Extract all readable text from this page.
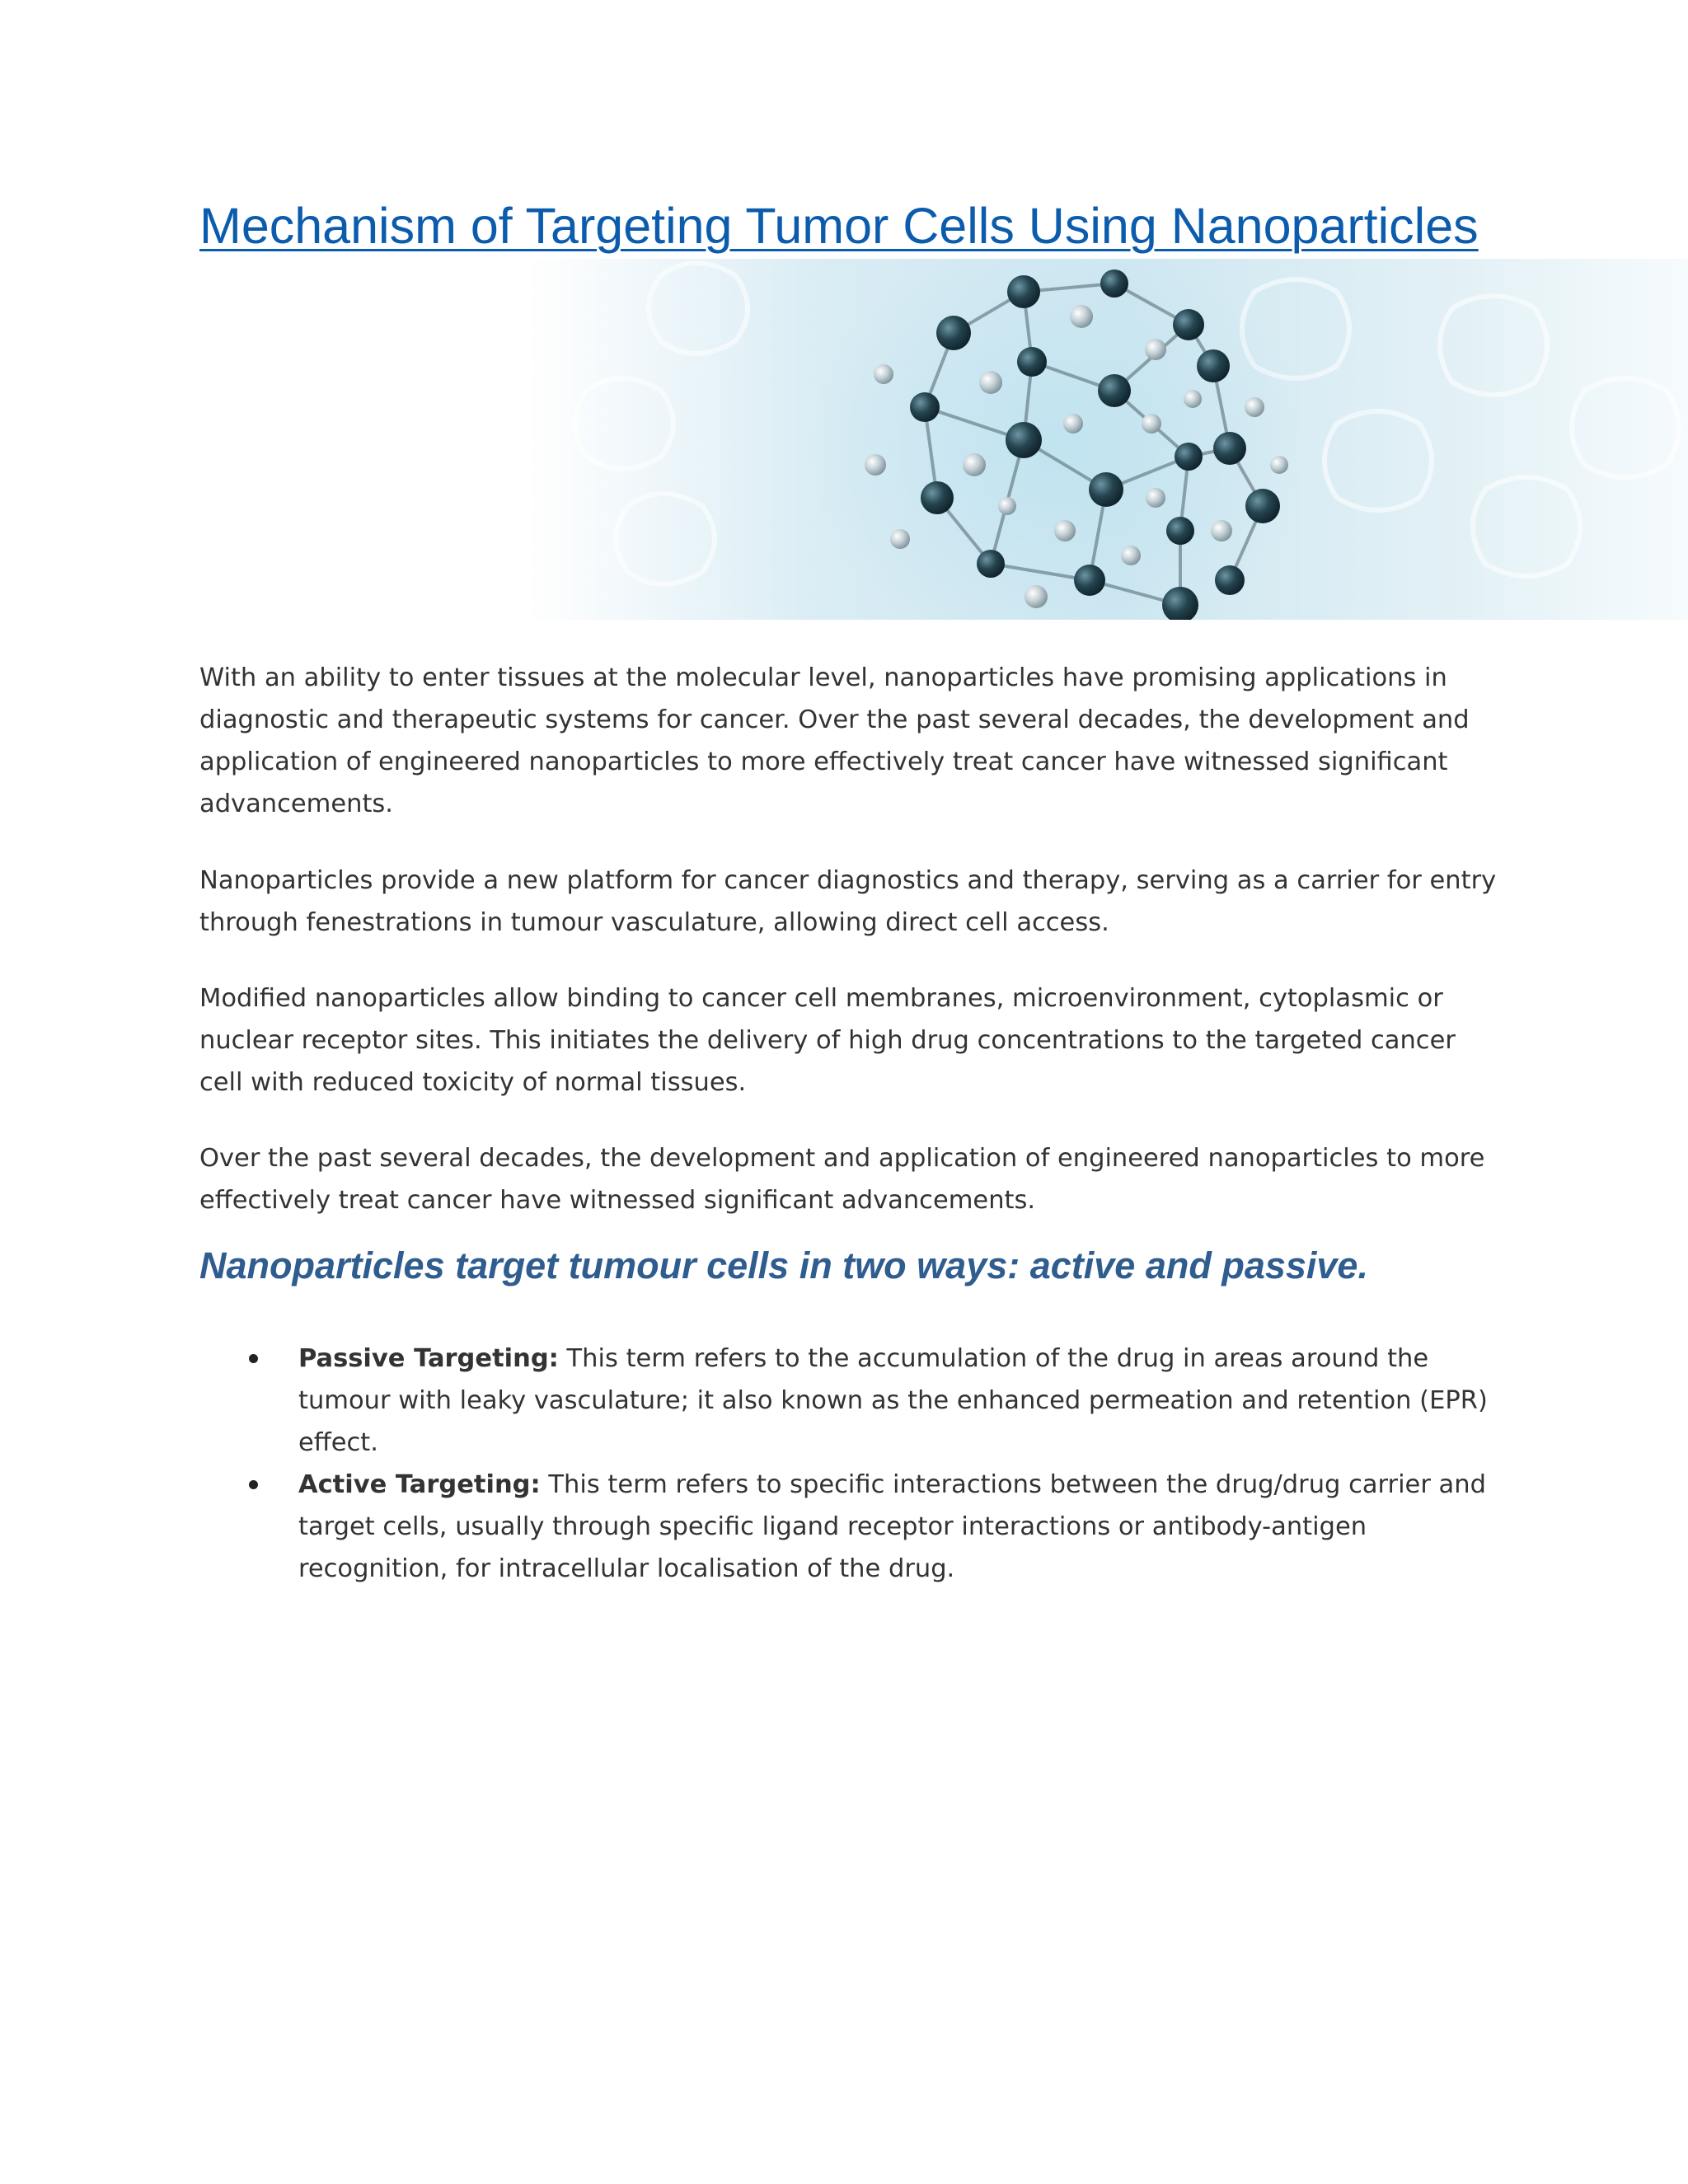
Mechanism of Targeting Tumor Cells Using Nanoparticles

With an ability to enter tissues at the molecular level, nanoparticles have promising applications in diagnostic and therapeutic systems for cancer. Over the past several decades, the development and application of engineered nanoparticles to more effectively treat cancer have witnessed significant advancements.

Nanoparticles provide a new platform for cancer diagnostics and therapy, serving as a carrier for entry through fenestrations in tumour vasculature, allowing direct cell access.

Modified nanoparticles allow binding to cancer cell membranes, microenvironment, cytoplasmic or nuclear receptor sites. This initiates the delivery of high drug concentrations to the targeted cancer cell with reduced toxicity of normal tissues.

Over the past several decades, the development and application of engineered nanoparticles to more effectively treat cancer have witnessed significant advancements.

Nanoparticles target tumour cells in two ways: active and passive.
Passive Targeting: This term refers to the accumulation of the drug in areas around the tumour with leaky vasculature; it also known as the enhanced permeation and retention (EPR) effect.
Active Targeting: This term refers to specific interactions between the drug/drug carrier and target cells, usually through specific ligand receptor interactions or antibody-antigen recognition, for intracellular localisation of the drug.
